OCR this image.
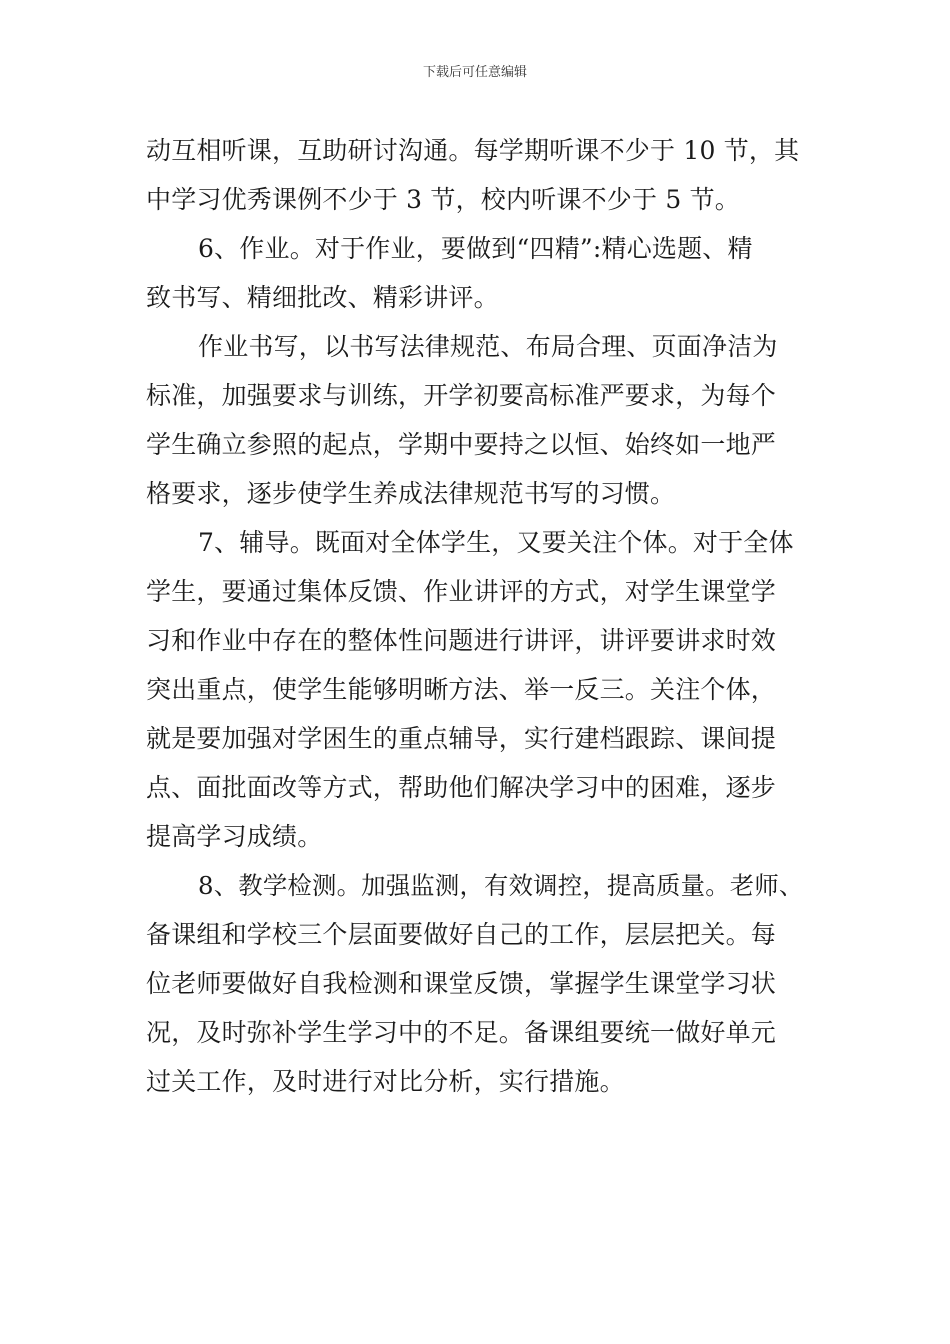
下载后可任意编辑
动互相听课，互助研讨沟通。每学期听课不少于 10 节，其
中学习优秀课例不少于 3 节，校内听课不少于 5 节。
6、作业。对于作业，要做到“四精”:精心选题、精
致书写、精细批改、精彩讲评。
作业书写，以书写法律规范、布局合理、页面净洁为
标准，加强要求与训练，开学初要高标准严要求，为每个
学生确立参照的起点，学期中要持之以恒、始终如一地严
格要求，逐步使学生养成法律规范书写的习惯。
7、辅导。既面对全体学生，又要关注个体。对于全体
学生，要通过集体反馈、作业讲评的方式，对学生课堂学
习和作业中存在的整体性问题进行讲评，讲评要讲求时效
突出重点，使学生能够明晰方法、举一反三。关注个体，
就是要加强对学困生的重点辅导，实行建档跟踪、课间提
点、面批面改等方式，帮助他们解决学习中的困难，逐步
提高学习成绩。
8、教学检测。加强监测，有效调控，提高质量。老师、
备课组和学校三个层面要做好自己的工作，层层把关。每
位老师要做好自我检测和课堂反馈，掌握学生课堂学习状
况，及时弥补学生学习中的不足。备课组要统一做好单元
过关工作，及时进行对比分析，实行措施。
